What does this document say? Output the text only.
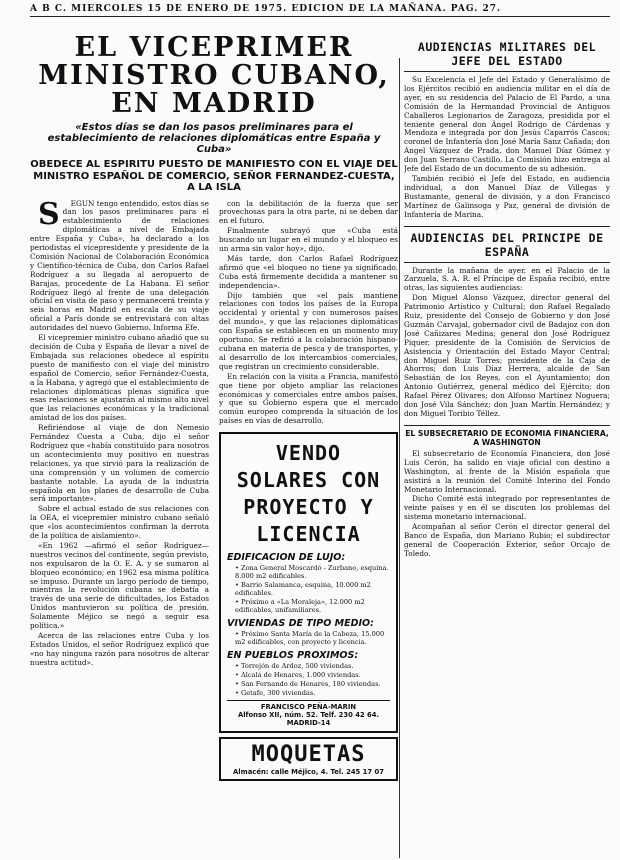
A B C. MIERCOLES 15 DE ENERO DE 1975. EDICION DE LA MAÑANA. PAG. 27.
EL VICEPRIMER MINISTRO CUBANO, EN MADRID
«Estos días se dan los pasos preliminares para el establecimiento de relaciones diplomáticas entre España y Cuba»
OBEDECE AL ESPIRITU PUESTO DE MANIFIESTO CON EL VIAJE DEL MINISTRO ESPAÑOL DE COMERCIO, SEÑOR FERNANDEZ-CUESTA, A LA ISLA

S EGUN tengo entendido, estos días se dan los pasos preliminares para el establecimiento de relaciones diplomáticas a nivel de Embajada entre España y Cuba», ha declarado a los periodistas el vicepresidente y presidente de la Comisión Nacional de Colaboración Económica y Científico-técnica de Cuba, don Carlos Rafael Rodríguez a su llegada al aeropuerto de Barajas, procedente de La Habana. El señor Rodríguez llegó al frente de una delegación oficial en visita de paso y permanecerá treinta y seis horas en Madrid en escala de su viaje oficial a París donde se entrevistará con altas autoridades del nuevo Gobierno. Informa Efe.

El vicepremier ministro cubano añadió que su decisión de Cuba y España de llevar a nivel de Embajada sus relaciones obedece al espíritu puesto de manifiesto con el viaje del ministro español de Comercio, señor Fernández-Cuesta, a la Habana, y agregó que el establecimiento de relaciones diplomáticas plenas significa que esas relaciones se ajustarán al mismo alto nivel que las relaciones económicas y la tradicional amistad de los dos países.

Refiriéndose al viaje de don Nemesio Fernández Cuesta a Cuba, dijo el señor Rodríguez que «había constituido para nosotros un acontecimiento muy positivo en nuestras relaciones, ya que sirvió para la realización de una comprensión y un volumen de comercio bastante notable. La ayuda de la industria española en los planes de desarrollo de Cuba será importante».

Sobre el actual estado de sus relaciones con la OEA, el vicepremier ministro cubano señaló que «los acontecimientos confirman la derrota de la política de aislamiento».

«En 1962 —afirmó el señor Rodríguez— nuestros vecinos del continente, según previsto, nos expulsaron de la O. E. A. y se sumaron al bloqueo económico; en 1962 esa misma política se impuso. Durante un largo período de tiempo, mientras la revolución cubana se debatía a través de una serie de dificultades, los Estados Unidos mantuvieron su política de presión. Solamente Méjico se negó a seguir esa política.»

Acerca de las relaciones entre Cuba y los Estados Unidos, el señor Rodríguez explicó que «no hay ninguna razón para nosotros de alterar nuestra actitud».

con la debilitación de la fuerza que ser provechosas para la otra parte, ni se deben dar en el futuro.

Finalmente subrayó que «Cuba está buscando un lugar en el mundo y el bloqueo es un arma sin valor hoy», dijo.

Más tarde, don Carlos Rafael Rodríguez afirmó que «el bloqueo no tiene ya significado. Cuba está firmemente decidida a mantener su independencia».

Dijo también que «el país mantiene relaciones con todos los países de la Europa occidental y oriental y con numerosos países del mundo», y que las relaciones diplomáticas con España se establecen en un momento muy oportuno. Se refirió a la colaboración hispano-cubana en materia de pesca y de transportes, y al desarrollo de los intercambios comerciales, que registran un crecimiento considerable.

En relación con la visita a Francia, manifestó que tiene por objeto ampliar las relaciones económicas y comerciales entre ambos países, y que su Gobierno espera que el mercado común europeo comprenda la situación de los países en vías de desarrollo.

VENDO SOLARES CON PROYECTO Y LICENCIA
EDIFICACION DE LUJO:
• Zona General Moscardó - Zurbano, esquina. 8.000 m2 edificables.
• Barrio Salamanca, esquina, 10.000 m2 edificables.
• Próximo a «La Moraleja», 12.000 m2 edificables, unifamiliares.
VIVIENDAS DE TIPO MEDIO:
• Próximo Santa María de la Cabeza, 15.000 m2 edificables, con proyecto y licencia.
EN PUEBLOS PROXIMOS:
• Torrejón de Ardoz, 500 viviendas.
• Alcalá de Henares, 1.000 viviendas.
• San Fernando de Henares, 180 viviendas.
• Getafe, 300 viviendas.
FRANCISCO PEÑA-MARIN
Alfonso XII, núm. 52. Telf. 230 42 64. MADRID-14
MOQUETAS
Almacén: calle Méjico, 4. Tel. 245 17 07
AUDIENCIAS MILITARES DEL JEFE DEL ESTADO

Su Excelencia el Jefe del Estado y Generalísimo de los Ejércitos recibió en audiencia militar en el día de ayer, en su residencia del Palacio de El Pardo, a una Comisión de la Hermandad Provincial de Antiguos Caballeros Legionarios de Zaragoza, presidida por el teniente general don Ángel Rodrigo de Cárdenas y Mendoza e integrada por don Jesús Caparrós Cascos; coronel de Infantería don José María Sanz Cañada; don Ángel Vázquez de Prada, don Manuel Díaz Gómez y don Juan Serrano Castillo. La Comisión hizo entrega al Jefe del Estado de un documento de su adhesión.

También recibió el Jefe del Estado, en audiencia individual, a don Manuel Díaz de Villegas y Bustamante, general de división, y a don Francisco Martínez de Galinsoga y Paz, general de división de Infantería de Marina.

AUDIENCIAS DEL PRINCIPE DE ESPAÑA

Durante la mañana de ayer, en el Palacio de la Zarzuela, S. A. R. el Príncipe de España recibió, entre otras, las siguientes audiencias:

Don Miguel Alonso Vázquez, director general del Patrimonio Artístico y Cultural; don Rafael Regalado Ruiz, presidente del Consejo de Gobierno y don José Guzmán Carvajal, gobernador civil de Badajoz con don José Cañizares Medina; general don José Rodríguez Piquer, presidente de la Comisión de Servicios de Asistencia y Orientación del Estado Mayor Central; don Miguel Ruiz Torres; presidente de la Caja de Ahorros; don Luis Díaz Herrera, alcalde de San Sebastián de los Reyes, con el Ayuntamiento; don Antonio Gutiérrez, general médico del Ejército; don Rafael Pérez Olivares; don Alfonso Martínez Noguera; don José Vila Sánchez; don Juan Martín Hernández; y don Miguel Toribio Téllez.

EL SUBSECRETARIO DE ECONOMIA FINANCIERA, A WASHINGTON

El subsecretario de Economía Financiera, don José Luis Cerón, ha salido en viaje oficial con destino a Washington, al frente de la Misión española que asistirá a la reunión del Comité Interino del Fondo Monetario Internacional.

Dicho Comité está integrado por representantes de veinte países y en él se discuten los problemas del sistema monetario internacional.

Acompañan al señor Cerón el director general del Banco de España, don Mariano Rubio; el subdirector general de Cooperación Exterior, señor Orcajo de Toledo.
